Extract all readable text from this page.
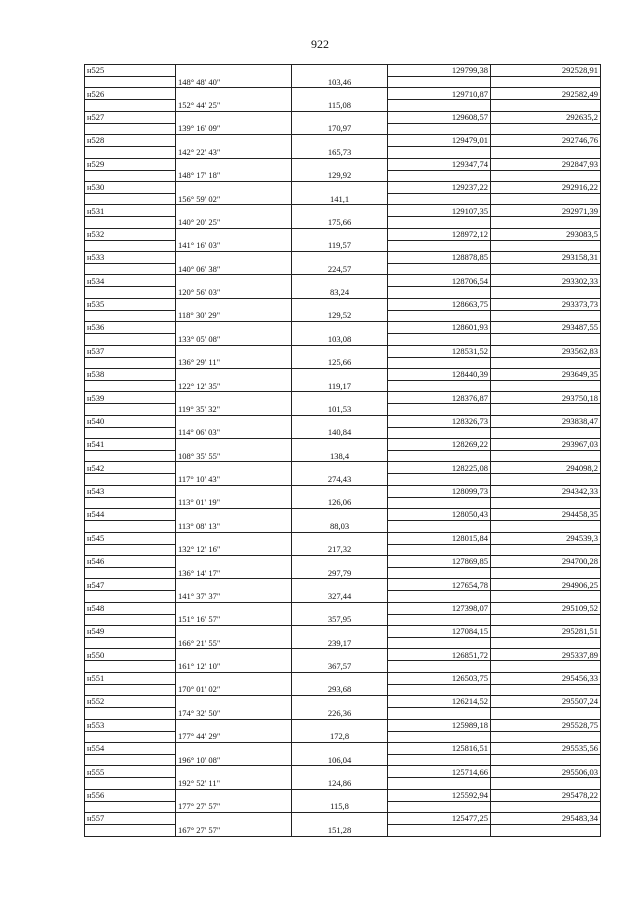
922
н525			129799,38	292528,91
	148° 48' 40"	103,46		
н526			129710,87	292582,49
	152° 44' 25"	115,08		
н527			129608,57	292635,2
	139° 16' 09"	170,97		
н528			129479,01	292746,76
	142° 22' 43"	165,73		
н529			129347,74	292847,93
	148° 17' 18"	129,92		
н530			129237,22	292916,22
	156° 59' 02"	141,1		
н531			129107,35	292971,39
	140° 20' 25"	175,66		
н532			128972,12	293083,5
	141° 16' 03"	119,57		
н533			128878,85	293158,31
	140° 06' 38"	224,57		
н534			128706,54	293302,33
	120° 56' 03"	83,24		
н535			128663,75	293373,73
	118° 30' 29"	129,52		
н536			128601,93	293487,55
	133° 05' 08"	103,08		
н537			128531,52	293562,83
	136° 29' 11"	125,66		
н538			128440,39	293649,35
	122° 12' 35"	119,17		
н539			128376,87	293750,18
	119° 35' 32"	101,53		
н540			128326,73	293838,47
	114° 06' 03"	140,84		
н541			128269,22	293967,03
	108° 35' 55"	138,4		
н542			128225,08	294098,2
	117° 10' 43"	274,43		
н543			128099,73	294342,33
	113° 01' 19"	126,06		
н544			128050,43	294458,35
	113° 08' 13"	88,03		
н545			128015,84	294539,3
	132° 12' 16"	217,32		
н546			127869,85	294700,28
	136° 14' 17"	297,79		
н547			127654,78	294906,25
	141° 37' 37"	327,44		
н548			127398,07	295109,52
	151° 16' 57"	357,95		
н549			127084,15	295281,51
	166° 21' 55"	239,17		
н550			126851,72	295337,89
	161° 12' 10"	367,57		
н551			126503,75	295456,33
	170° 01' 02"	293,68		
н552			126214,52	295507,24
	174° 32' 50"	226,36		
н553			125989,18	295528,75
	177° 44' 29"	172,8		
н554			125816,51	295535,56
	196° 10' 08"	106,04		
н555			125714,66	295506,03
	192° 52' 11"	124,86		
н556			125592,94	295478,22
	177° 27' 57"	115,8		
н557			125477,25	295483,34
	167° 27' 57"	151,28		
